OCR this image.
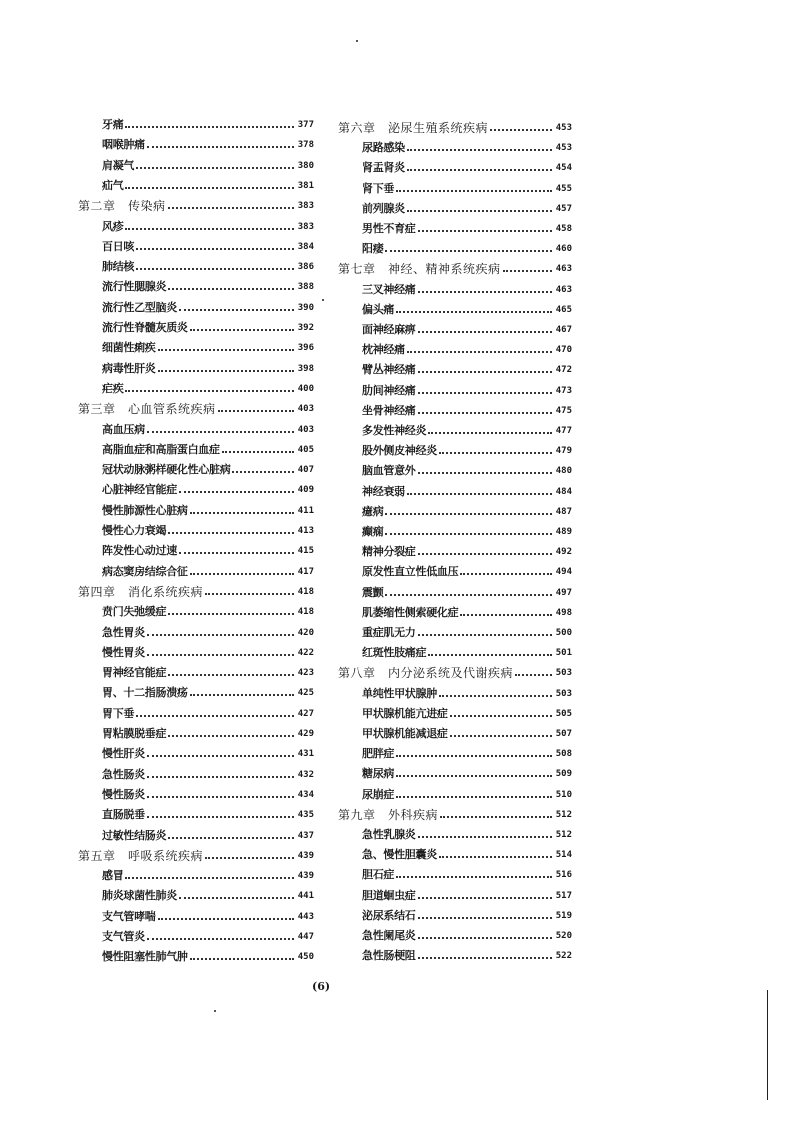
牙痛	377
咽喉肿痛	378
肩凝气	380
疝气	381
第二章　传染病	383
风疹	383
百日咳	384
肺结核	386
流行性腮腺炎	388
流行性乙型脑炎	390
流行性脊髓灰质炎	392
细菌性痢疾	396
病毒性肝炎	398
疟疾	400
第三章　心血管系统疾病	403
高血压病	403
高脂血症和高脂蛋白血症	405
冠状动脉粥样硬化性心脏病	407
心脏神经官能症	409
慢性肺源性心脏病	411
慢性心力衰竭	413
阵发性心动过速	415
病态窦房结综合征	417
第四章　消化系统疾病	418
贲门失弛缓症	418
急性胃炎	420
慢性胃炎	422
胃神经官能症	423
胃、十二指肠溃疡	425
胃下垂	427
胃粘膜脱垂症	429
慢性肝炎	431
急性肠炎	432
慢性肠炎	434
直肠脱垂	435
过敏性结肠炎	437
第五章　呼吸系统疾病	439
感冒	439
肺炎球菌性肺炎	441
支气管哮喘	443
支气管炎	447
慢性阻塞性肺气肿	450
第六章　泌尿生殖系统疾病	453
尿路感染	453
肾盂肾炎	454
肾下垂	455
前列腺炎	457
男性不育症	458
阳痿	460
第七章　神经、精神系统疾病	463
三叉神经痛	463
偏头痛	465
面神经麻痹	467
枕神经痛	470
臂丛神经痛	472
肋间神经痛	473
坐骨神经痛	475
多发性神经炎	477
股外侧皮神经炎	479
脑血管意外	480
神经衰弱	484
癔病	487
癫痫	489
精神分裂症	492
原发性直立性低血压	494
震颤	497
肌萎缩性侧索硬化症	498
重症肌无力	500
红斑性肢痛症	501
第八章　内分泌系统及代谢疾病	503
单纯性甲状腺肿	503
甲状腺机能亢进症	505
甲状腺机能减退症	507
肥胖症	508
糖尿病	509
尿崩症	510
第九章　外科疾病	512
急性乳腺炎	512
急、慢性胆囊炎	514
胆石症	516
胆道蛔虫症	517
泌尿系结石	519
急性阑尾炎	520
急性肠梗阻	522
(6)
